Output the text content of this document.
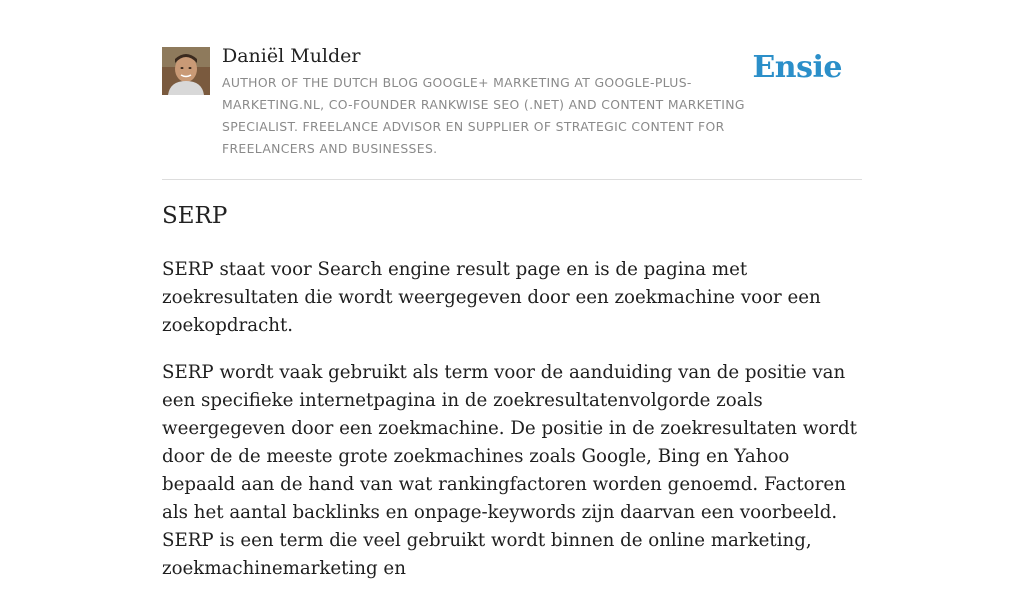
Daniël Mulder

AUTHOR OF THE DUTCH BLOG GOOGLE+ MARKETING AT GOOGLE-PLUS-MARKETING.NL, CO-FOUNDER RANKWISE SEO (.NET) AND CONTENT MARKETING SPECIALIST. FREELANCE ADVISOR EN SUPPLIER OF STRATEGIC CONTENT FOR FREELANCERS AND BUSINESSES.

Ensie
SERP

SERP staat voor Search engine result page en is de pagina met zoekresultaten die wordt weergegeven door een zoekmachine voor een zoekopdracht.

SERP wordt vaak gebruikt als term voor de aanduiding van de positie van een specifieke internetpagina in de zoekresultatenvolgorde zoals weergegeven door een zoekmachine. De positie in de zoekresultaten wordt door de de meeste grote zoekmachines zoals Google, Bing en Yahoo bepaald aan de hand van wat rankingfactoren worden genoemd. Factoren als het aantal backlinks en onpage-keywords zijn daarvan een voorbeeld. SERP is een term die veel gebruikt wordt binnen de online marketing, zoekmachinemarketing en
